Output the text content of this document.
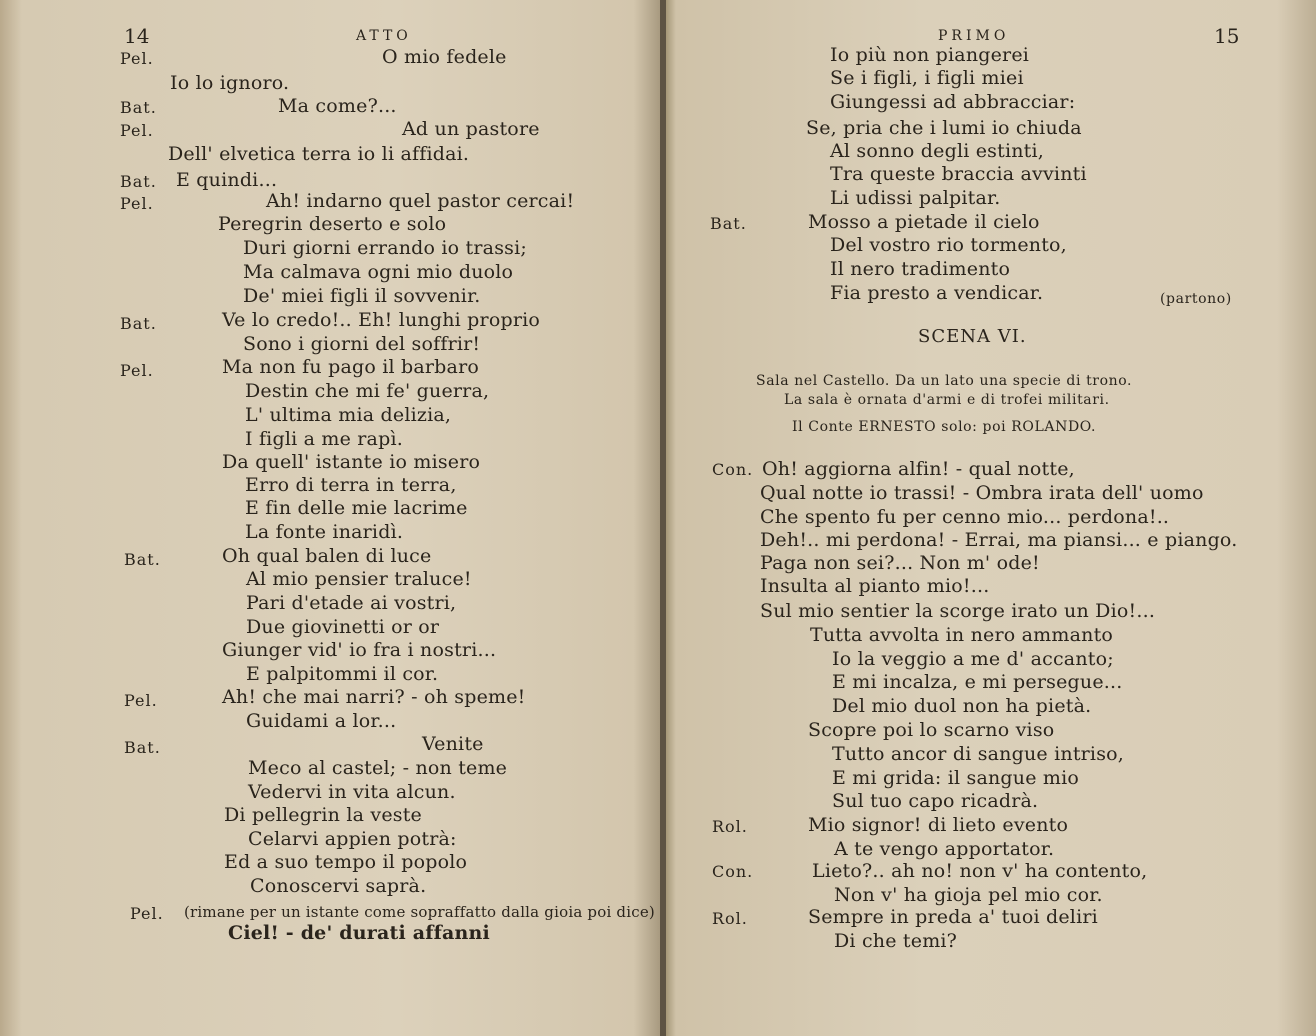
14	ATTO
Pel.	O mio fedele
Io lo ignoro.
Bat.	Ma come?...
Pel.	Ad un pastore
Dell' elvetica terra io li affidai.
Bat. E quindi...
Pel.	Ah! indarno quel pastor cercai!
Peregrin deserto e solo
Duri giorni errando io trassi;
Ma calmava ogni mio duolo
De' miei figli il sovvenir.
Bat.	Ve lo credo!.. Eh! lunghi proprio
Sono i giorni del soffrir!
Pel.	Ma non fu pago il barbaro
Destin che mi fe' guerra,
L' ultima mia delizia,
I figli a me rapì.
Da quell' istante io misero
Erro di terra in terra,
E fin delle mie lacrime
La fonte inaridì.
Bat.	Oh qual balen di luce
Al mio pensier traluce!
Pari d'etade ai vostri,
Due giovinetti or or
Giunger vid' io fra i nostri...
E palpitommi il cor.
Pel.	Ah! che mai narri? - oh speme!
Guidami a lor...
Bat.	Venite
Meco al castel; - non teme
Vedervi in vita alcun.
Di pellegrin la veste
Celarvi appien potrà:
Ed a suo tempo il popolo
Conoscervi saprà.
Pel. (rimane per un istante come sopraffatto dalla gioia poi dice)
Ciel! - de' durati affanni
PRIMO	15
Io più non piangerei
Se i figli, i figli miei
Giungessi ad abbracciar:
Se, pria che i lumi io chiuda
Al sonno degli estinti,
Tra queste braccia avvinti
Li udissi palpitar.
Bat.	Mosso a pietade il cielo
Del vostro rio tormento,
Il nero tradimento
Fia presto a vendicar.	(partono)
SCENA VI.
Sala nel Castello. Da un lato una specie di trono.
La sala è ornata d'armi e di trofei militari.
Il Conte ERNESTO solo: poi ROLANDO.
Con. Oh! aggiorna alfin! - qual notte,
Qual notte io trassi! - Ombra irata dell' uomo
Che spento fu per cenno mio... perdona!..
Deh!.. mi perdona! - Errai, ma piansi... e piango.
Paga non sei?... Non m' ode!
Insulta al pianto mio!...
Sul mio sentier la scorge irato un Dio!...
Tutta avvolta in nero ammanto
Io la veggio a me d' accanto;
E mi incalza, e mi persegue...
Del mio duol non ha pietà.
Scopre poi lo scarno viso
Tutto ancor di sangue intriso,
E mi grida: il sangue mio
Sul tuo capo ricadrà.
Rol.	Mio signor! di lieto evento
A te vengo apportator.
Con.	Lieto?.. ah no! non v' ha contento,
Non v' ha gioja pel mio cor.
Rol.	Sempre in preda a' tuoi deliri
Di che temi?
